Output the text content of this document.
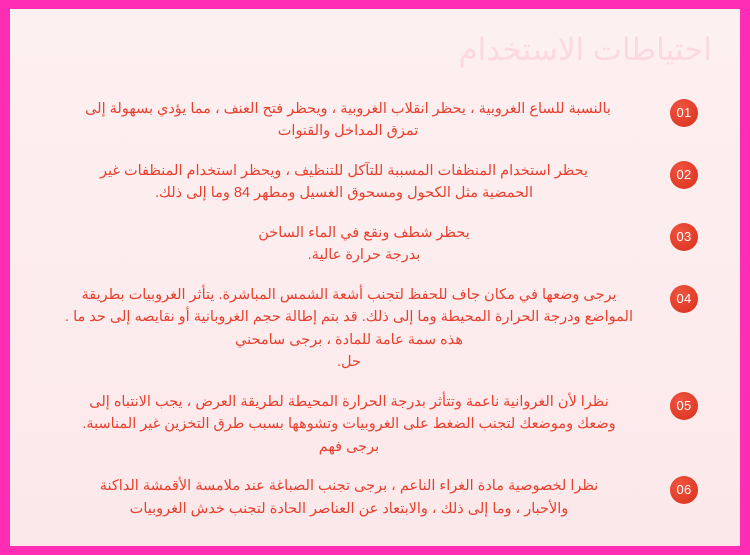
احتياطات الاستخدام
01
بالنسبة للساع الغروبية ، يحظر انقلاب الغروبية ، ويحظر فتح العنف ، مما يؤدي بسهولة إلى
تمزق المداخل والقنوات
02
يحظر استخدام المنظفات المسببة للتآكل للتنظيف ، ويحظر استخدام المنظفات غير
الحمضية مثل الكحول ومسحوق الغسيل ومطهر 84 وما إلى ذلك.
03
يحظر شطف ونقع في الماء الساخن
بدرجة حرارة عالية.
04
يرجى وضعها في مكان جاف للحفظ لتجنب أشعة الشمس المباشرة. يتأثر الغروبيات بطريقة
المواضع ودرجة الحرارة المحيطة وما إلى ذلك. قد بتم إطالة حجم الغروبانية أو نقايصه إلى حد ما .
هذه سمة عامة للمادة ، برجى سامحني
حل.
05
نظرا لأن الغروانية ناعمة وتتأثر بدرجة الحرارة المحيطة لطريقة العرض ، يجب الانتباه إلى
وضعك وموضعك لتجنب الضغط على الغروبيات وتشوهها بسبب طرق التخزين غير المناسبة.
برجى فهم
06
نظرا لخصوصية مادة الغراء الناعم ، برجى تجنب الصباغة عند ملامسة الأقمشة الداكنة
والأحبار ، وما إلى ذلك ، والابتعاد عن العناصر الحادة لتجنب خدش الغروبيات
